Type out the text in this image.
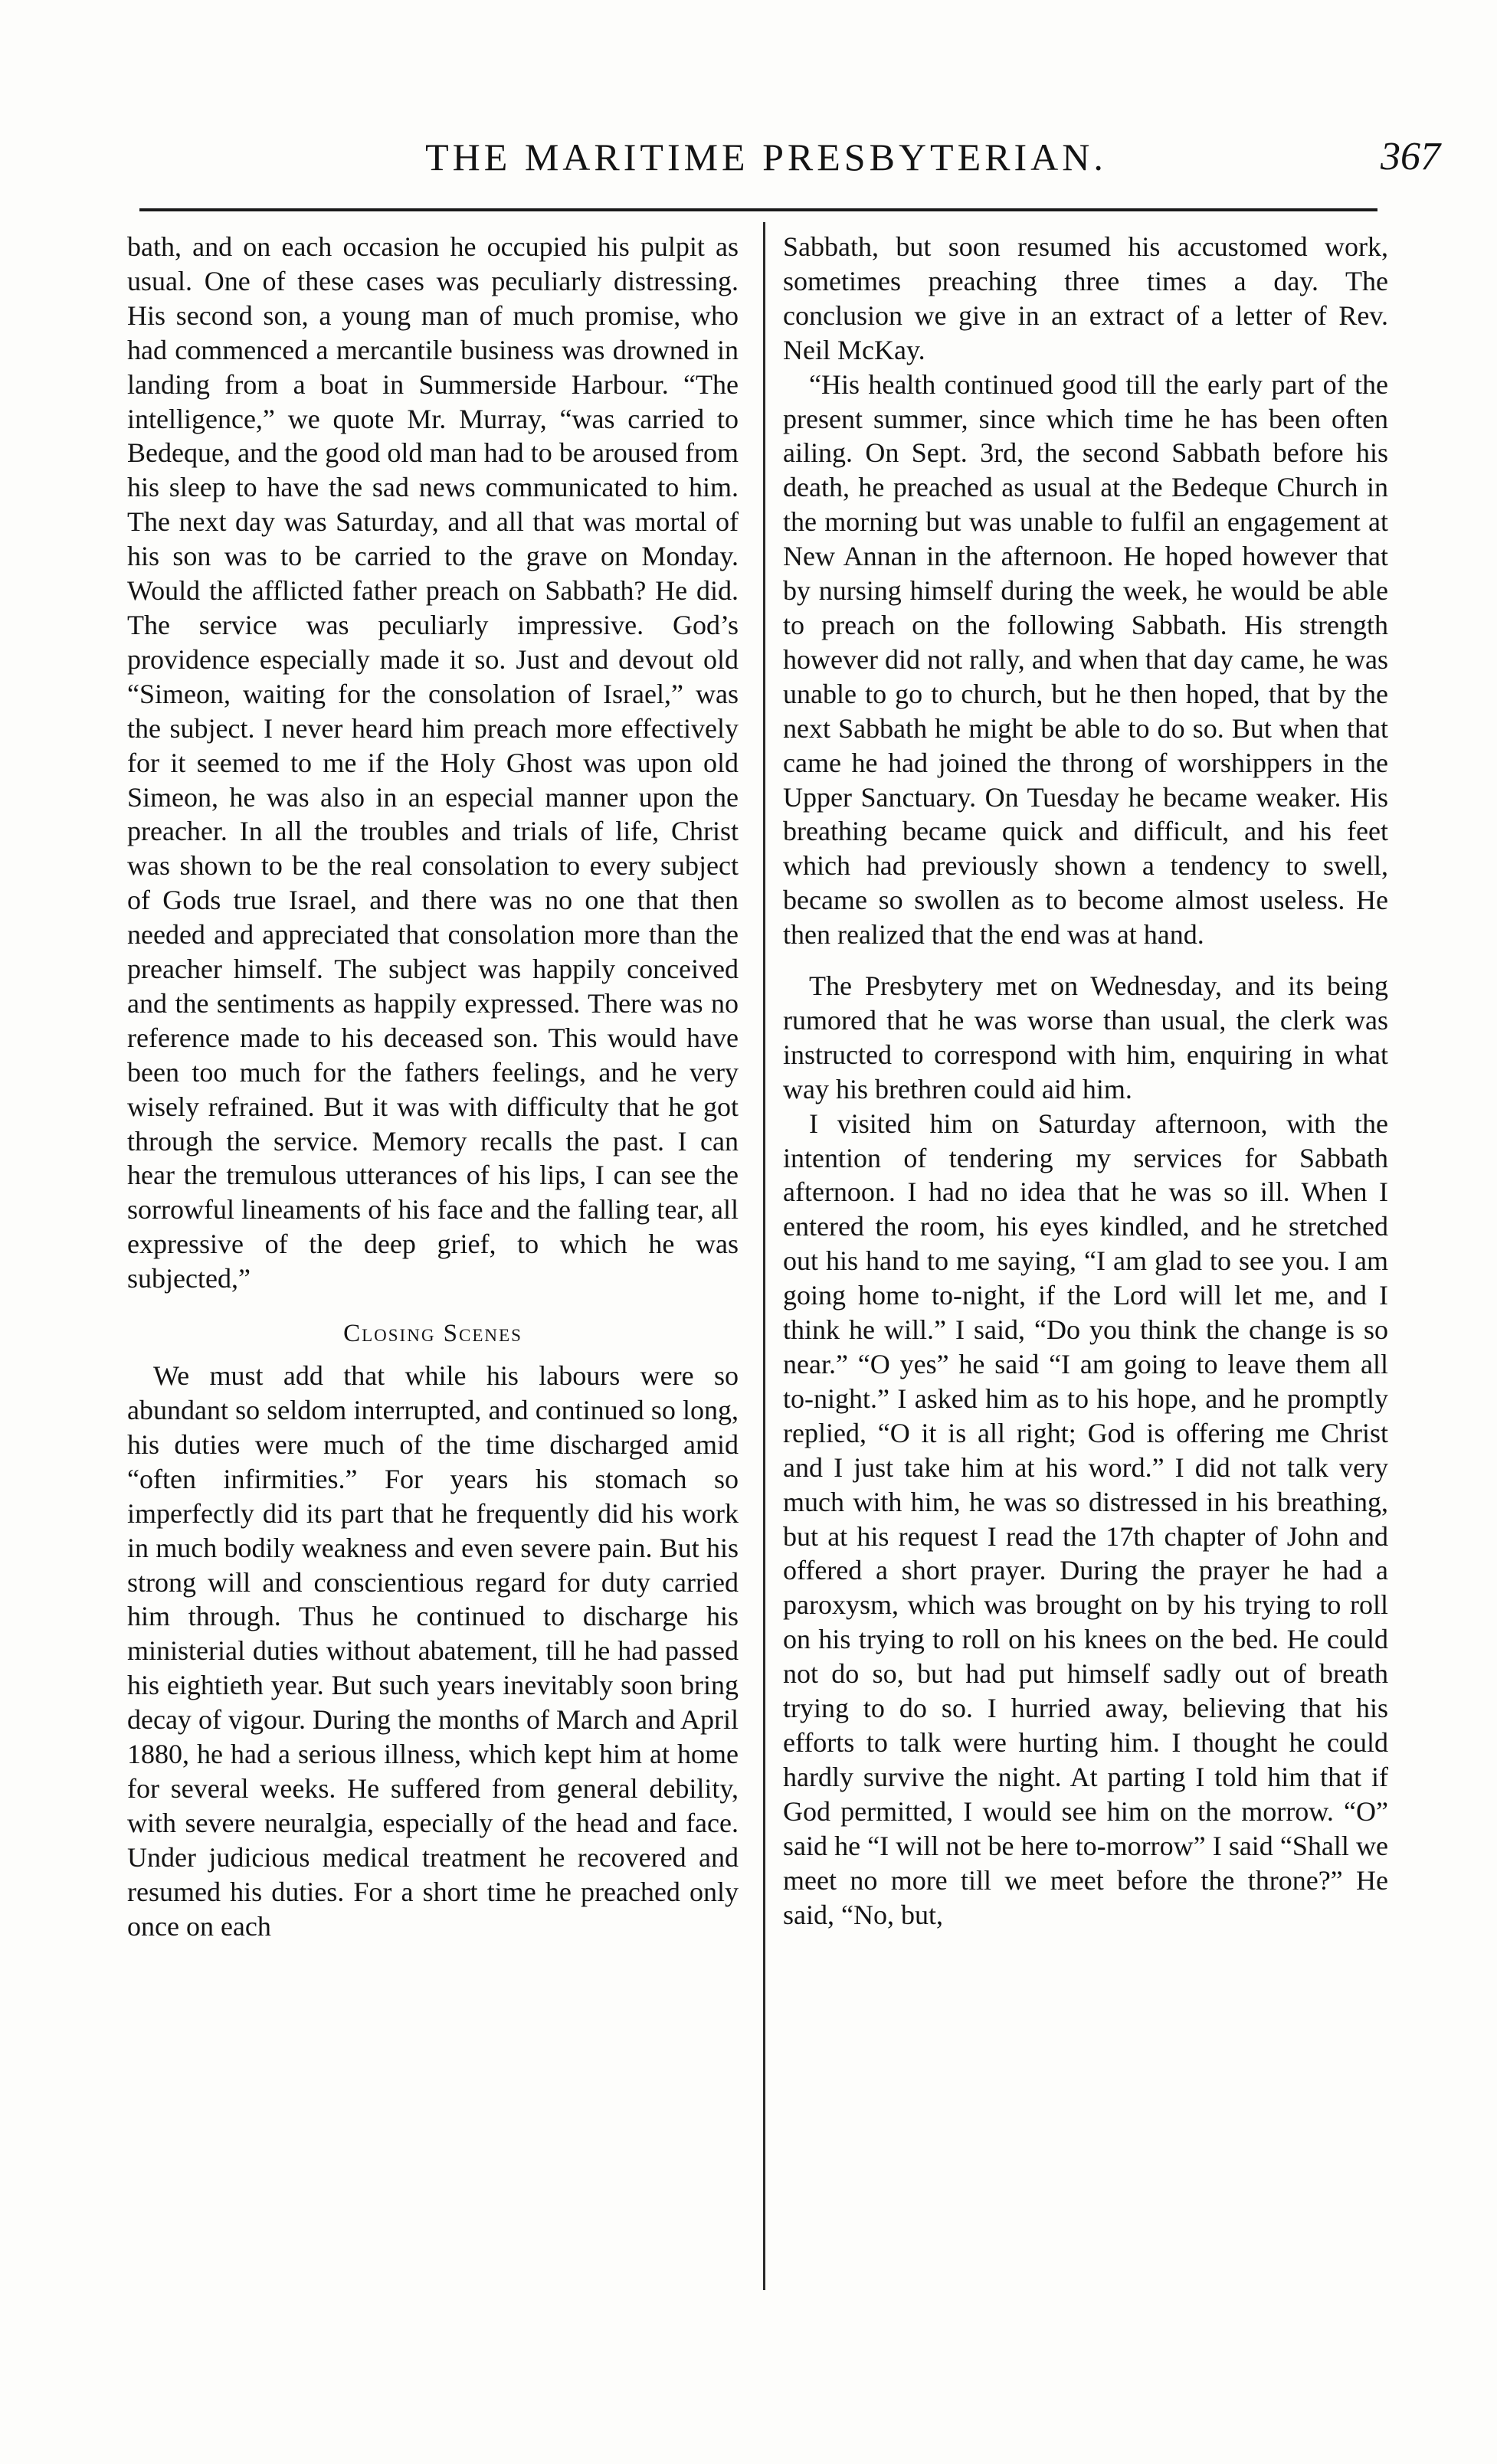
THE MARITIME PRESBYTERIAN.	367

bath, and on each occasion he occupied his pulpit as usual. One of these cases was peculiarly distressing. His second son, a young man of much promise, who had commenced a mercantile business was drowned in landing from a boat in Summerside Harbour. “The intelligence,” we quote Mr. Murray, “was carried to Bedeque, and the good old man had to be aroused from his sleep to have the sad news communicated to him. The next day was Saturday, and all that was mortal of his son was to be carried to the grave on Monday. Would the afflicted father preach on Sabbath? He did. The service was peculiarly impressive. God’s providence especially made it so. Just and devout old “Simeon, waiting for the consolation of Israel,” was the subject. I never heard him preach more effectively for it seemed to me if the Holy Ghost was upon old Simeon, he was also in an especial manner upon the preacher. In all the troubles and trials of life, Christ was shown to be the real consolation to every subject of Gods true Israel, and there was no one that then needed and appreciated that consolation more than the preacher himself. The subject was happily conceived and the sentiments as happily expressed. There was no reference made to his deceased son. This would have been too much for the fathers feelings, and he very wisely refrained. But it was with difficulty that he got through the service. Memory recalls the past. I can hear the tremulous utterances of his lips, I can see the sorrowful lineaments of his face and the falling tear, all expressive of the deep grief, to which he was subjected,”

Closing Scenes

We must add that while his labours were so abundant so seldom interrupted, and continued so long, his duties were much of the time discharged amid “often infirmities.” For years his stomach so imperfectly did its part that he frequently did his work in much bodily weakness and even severe pain. But his strong will and conscientious regard for duty carried him through. Thus he continued to discharge his ministerial duties without abatement, till he had passed his eightieth year. But such years inevitably soon bring decay of vigour. During the months of March and April 1880, he had a serious illness, which kept him at home for several weeks. He suffered from general debility, with severe neuralgia, especially of the head and face. Under judicious medical treatment he recovered and resumed his duties. For a short time he preached only once on each

Sabbath, but soon resumed his accustomed work, sometimes preaching three times a day. The conclusion we give in an extract of a letter of Rev. Neil McKay.

“His health continued good till the early part of the present summer, since which time he has been often ailing. On Sept. 3rd, the second Sabbath before his death, he preached as usual at the Bedeque Church in the morning but was unable to fulfil an engagement at New Annan in the afternoon. He hoped however that by nursing himself during the week, he would be able to preach on the following Sabbath. His strength however did not rally, and when that day came, he was unable to go to church, but he then hoped, that by the next Sabbath he might be able to do so. But when that came he had joined the throng of worshippers in the Upper Sanctuary. On Tuesday he became weaker. His breathing became quick and difficult, and his feet which had previously shown a tendency to swell, became so swollen as to become almost useless. He then realized that the end was at hand.

The Presbytery met on Wednesday, and its being rumored that he was worse than usual, the clerk was instructed to correspond with him, enquiring in what way his brethren could aid him.

I visited him on Saturday afternoon, with the intention of tendering my services for Sabbath afternoon. I had no idea that he was so ill. When I entered the room, his eyes kindled, and he stretched out his hand to me saying, “I am glad to see you. I am going home to-night, if the Lord will let me, and I think he will.” I said, “Do you think the change is so near.” “O yes” he said “I am going to leave them all to-night.” I asked him as to his hope, and he promptly replied, “O it is all right; God is offering me Christ and I just take him at his word.” I did not talk very much with him, he was so distressed in his breathing, but at his request I read the 17th chapter of John and offered a short prayer. During the prayer he had a paroxysm, which was brought on by his trying to roll on his trying to roll on his knees on the bed. He could not do so, but had put himself sadly out of breath trying to do so. I hurried away, believing that his efforts to talk were hurting him. I thought he could hardly survive the night. At parting I told him that if God permitted, I would see him on the morrow. “O” said he “I will not be here to-morrow” I said “Shall we meet no more till we meet before the throne?” He said, “No, but,
